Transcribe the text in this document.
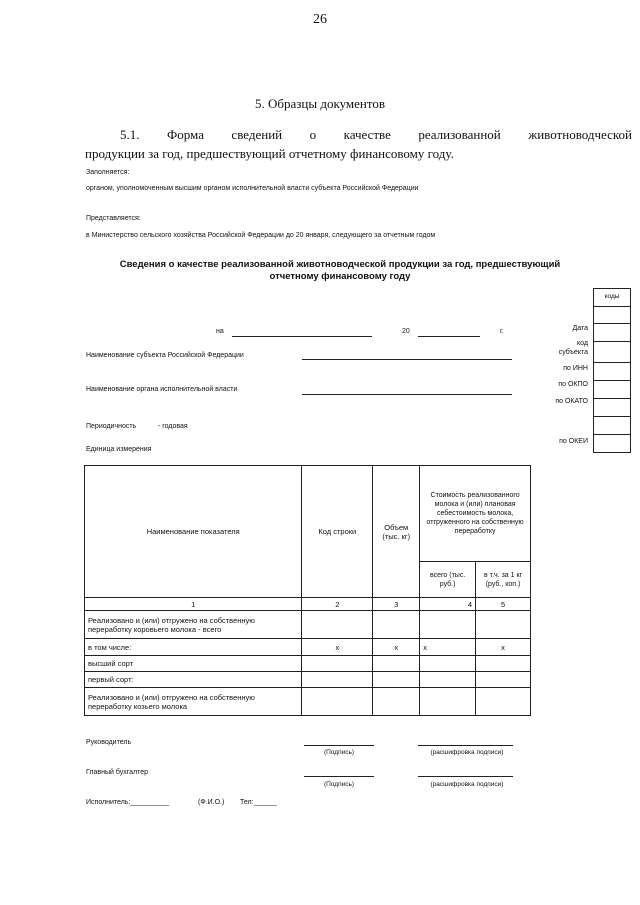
26
5. Образцы документов
5.1. Форма сведений о качестве реализованной животноводческой
продукции за год, предшествующий отчетному финансовому году.
Заполняется:
органом, уполномоченным высшим органом исполнительной власти субъекта Российской Федерации
Представляется:
в Министерство сельского хозяйства Российской Федерации до 20 января, следующего за отчетным годом
Сведения о качестве реализованной животноводческой продукции за год, предшествующий
отчетному финансовому году
коды
Дата
код
субъекта
по ИНН
по ОКПО
по ОКАТО
по ОКЕИ
на	20	г.
Наименование субъекта Российской Федерации
Наименование органа исполнительной власти
Периодичность	- годовая
Единица измерения
Наименование показателя	Код строки	Объем (тыс. кг)	Стоимость реализованного молока и (или) плановая себестоимость молока, отгруженного на собственную переработку	
			всего (тыс. руб.)	в т.ч. за 1 кг (руб., коп.)
1	2	3	4	5
Реализовано и (или) отгружено на собственную переработку коровьего молока - всего				
в том числе:	х	х	х	х
высший сорт				
первый сорт:				
Реализовано и (или) отгружено на собственную переработку козьего молока				
Руководитель
(Подпись)	(расшифровка подписи)
Главный бухгалтер
(Подпись)	(расшифровка подписи)
Исполнитель:__________	(Ф.И.О.) Тел:______
